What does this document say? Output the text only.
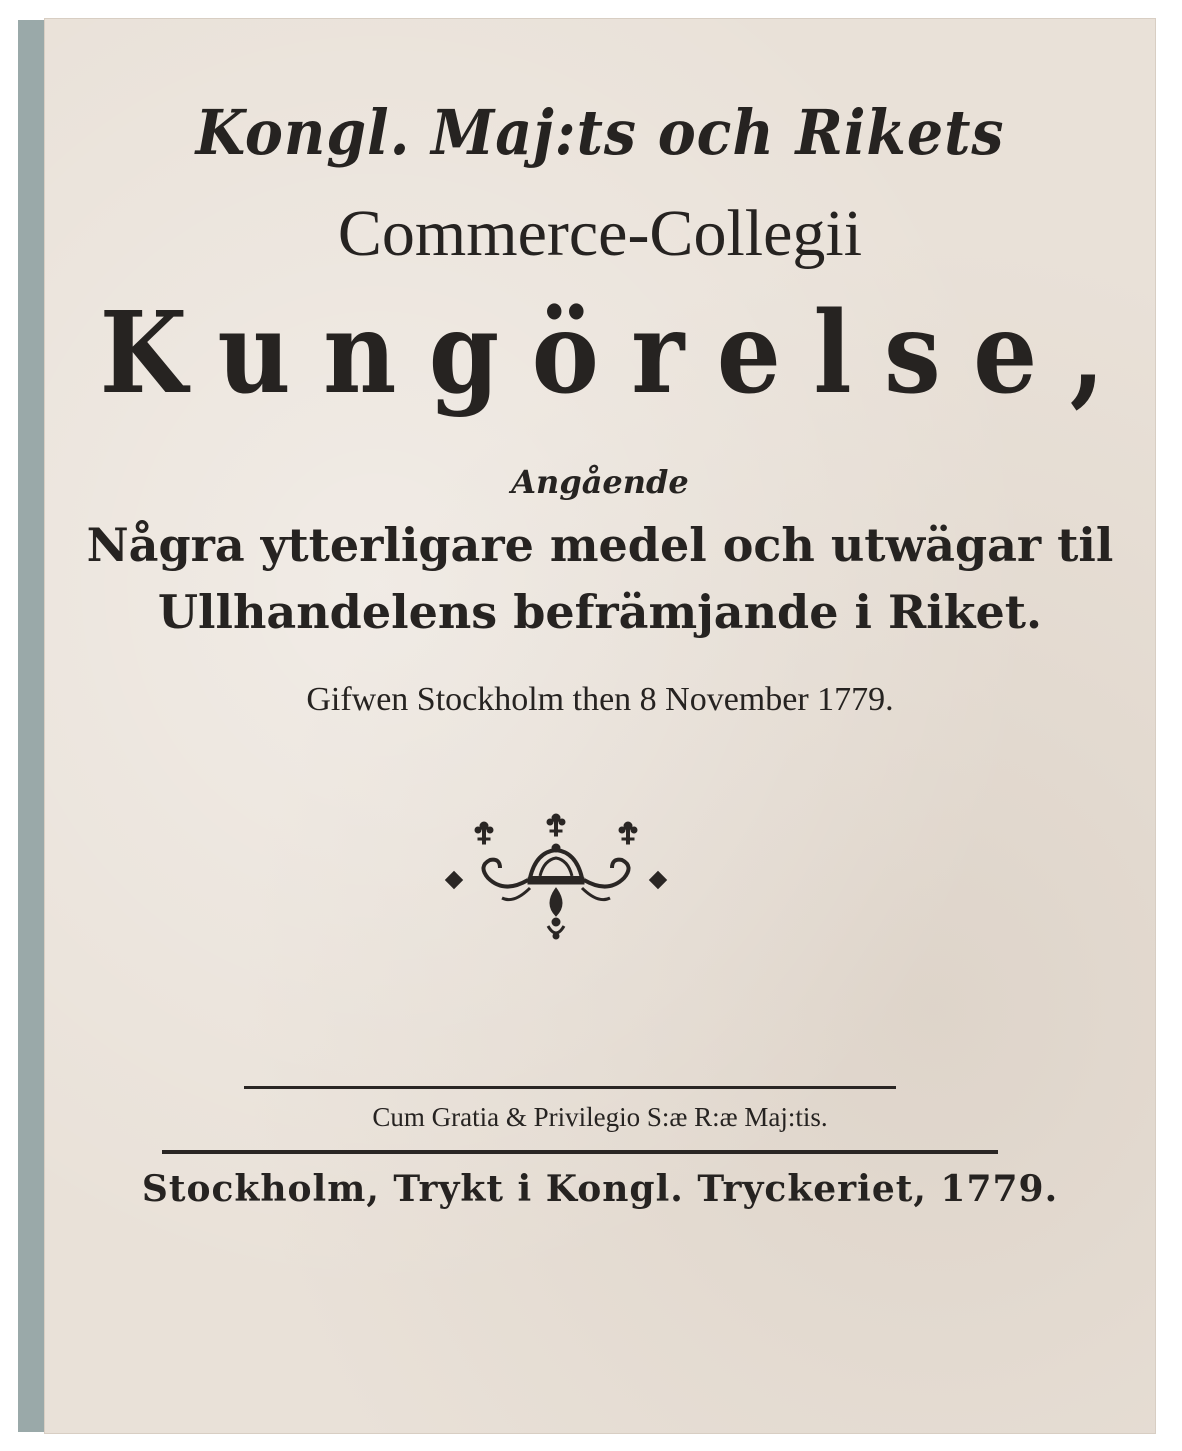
Kongl. Maj:ts och Rikets
Commerce-Collegii
Kungörelse,
Angående
Några ytterligare medel och utwägar til
Ullhandelens befrämjande i Riket.
Gifwen Stockholm then 8 November 1779.
Cum Gratia & Privilegio S:æ R:æ Maj:tis.
Stockholm, Trykt i Kongl. Tryckeriet, 1779.
